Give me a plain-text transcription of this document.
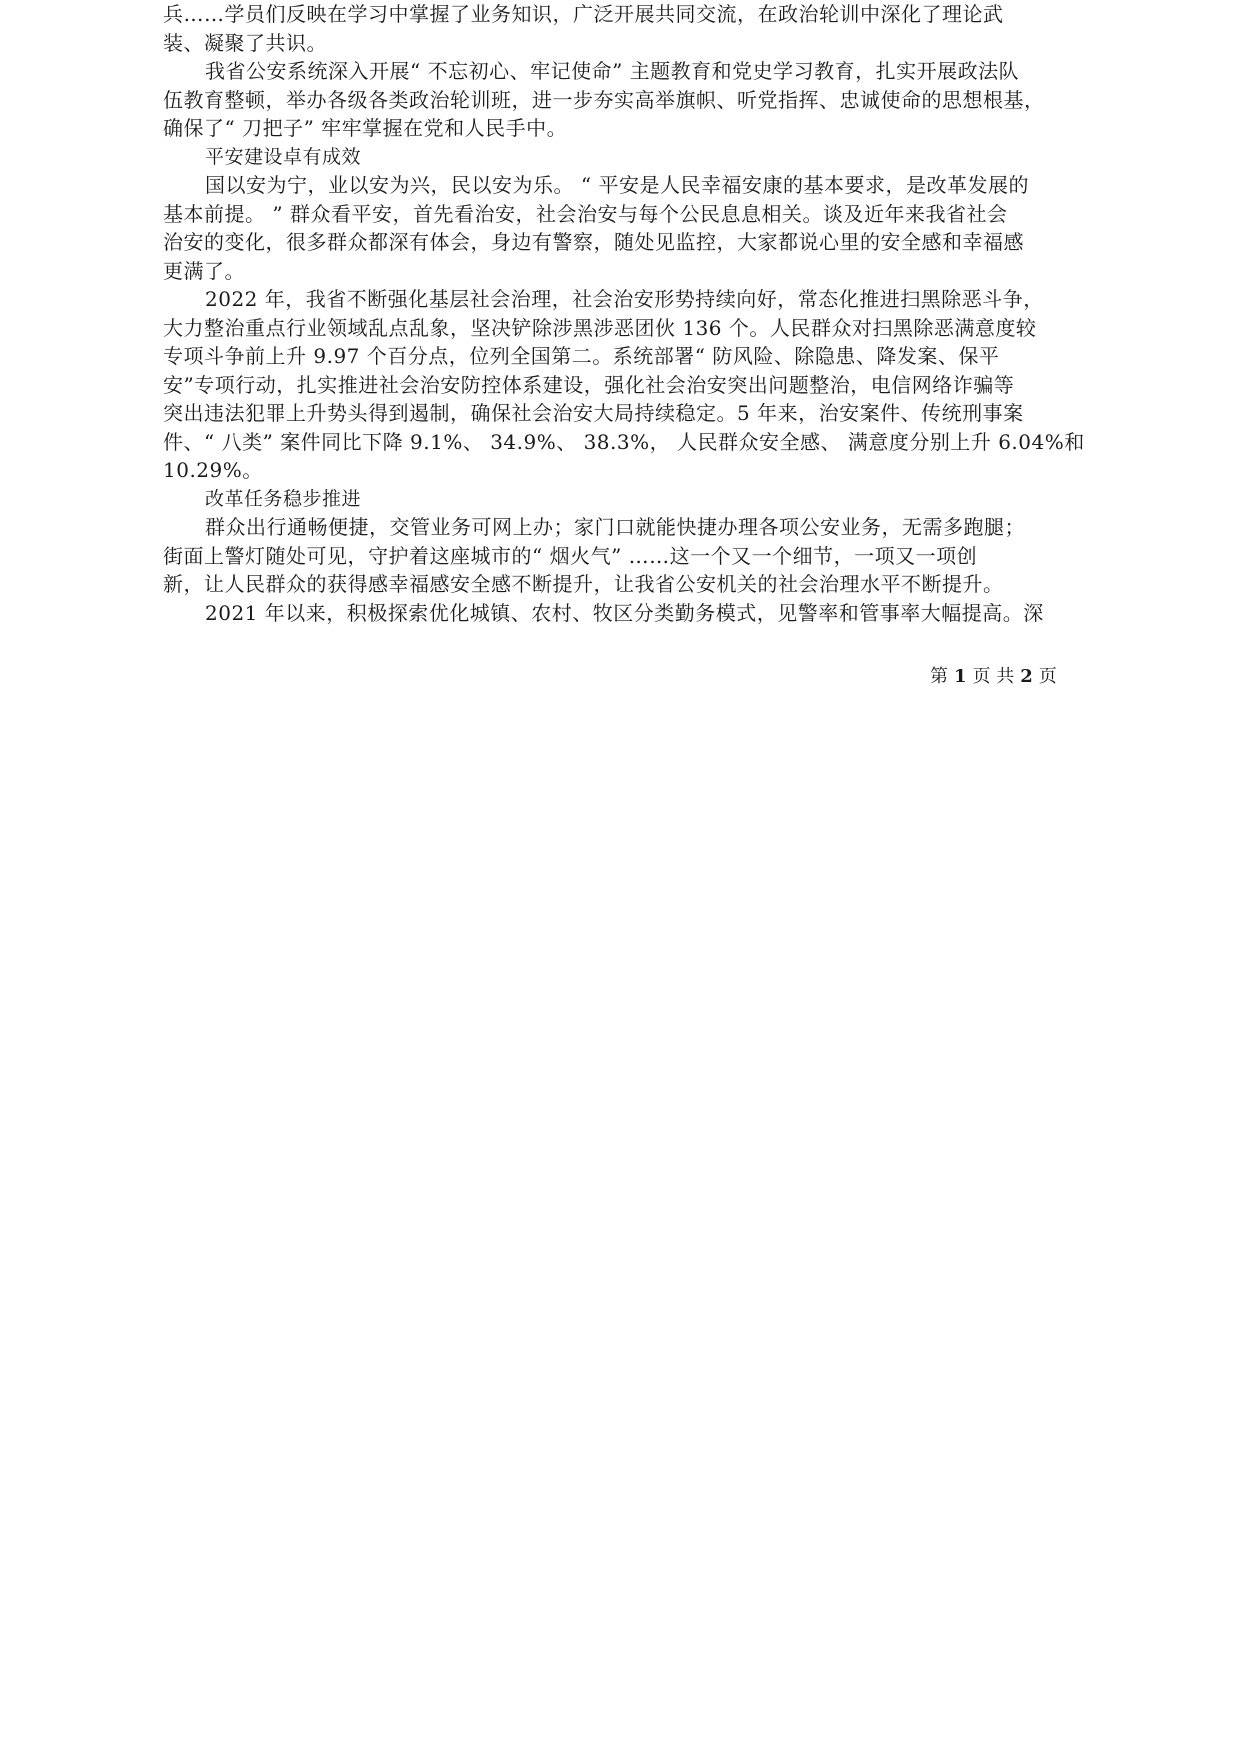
兵……学员们反映在学习中掌握了业务知识，广泛开展共同交流，在政治轮训中深化了理论武
装、凝聚了共识。
我省公安系统深入开展“ 不忘初心、牢记使命” 主题教育和党史学习教育，扎实开展政法队
伍教育整顿，举办各级各类政治轮训班，进一步夯实高举旗帜、听党指挥、忠诚使命的思想根基，
确保了“ 刀把子” 牢牢掌握在党和人民手中。
平安建设卓有成效
国以安为宁，业以安为兴，民以安为乐。 “ 平安是人民幸福安康的基本要求，是改革发展的
基本前提。 ” 群众看平安，首先看治安，社会治安与每个公民息息相关。谈及近年来我省社会
治安的变化，很多群众都深有体会，身边有警察，随处见监控，大家都说心里的安全感和幸福感
更满了。
2022 年，我省不断强化基层社会治理，社会治安形势持续向好，常态化推进扫黑除恶斗争，
大力整治重点行业领域乱点乱象，坚决铲除涉黑涉恶团伙 136 个。人民群众对扫黑除恶满意度较
专项斗争前上升 9.97 个百分点，位列全国第二。系统部署“ 防风险、除隐患、降发案、保平
安”专项行动，扎实推进社会治安防控体系建设，强化社会治安突出问题整治，电信网络诈骗等
突出违法犯罪上升势头得到遏制，确保社会治安大局持续稳定。5 年来，治安案件、传统刑事案
件、“ 八类” 案件同比下降 9.1%、 34.9%、 38.3%， 人民群众安全感、 满意度分别上升 6.04%和
10.29%。
改革任务稳步推进
群众出行通畅便捷，交管业务可网上办；家门口就能快捷办理各项公安业务，无需多跑腿；
街面上警灯随处可见，守护着这座城市的“ 烟火气” ……这一个又一个细节，一项又一项创
新，让人民群众的获得感幸福感安全感不断提升，让我省公安机关的社会治理水平不断提升。
2021 年以来，积极探索优化城镇、农村、牧区分类勤务模式，见警率和管事率大幅提高。深
第 1 页 共 2 页
